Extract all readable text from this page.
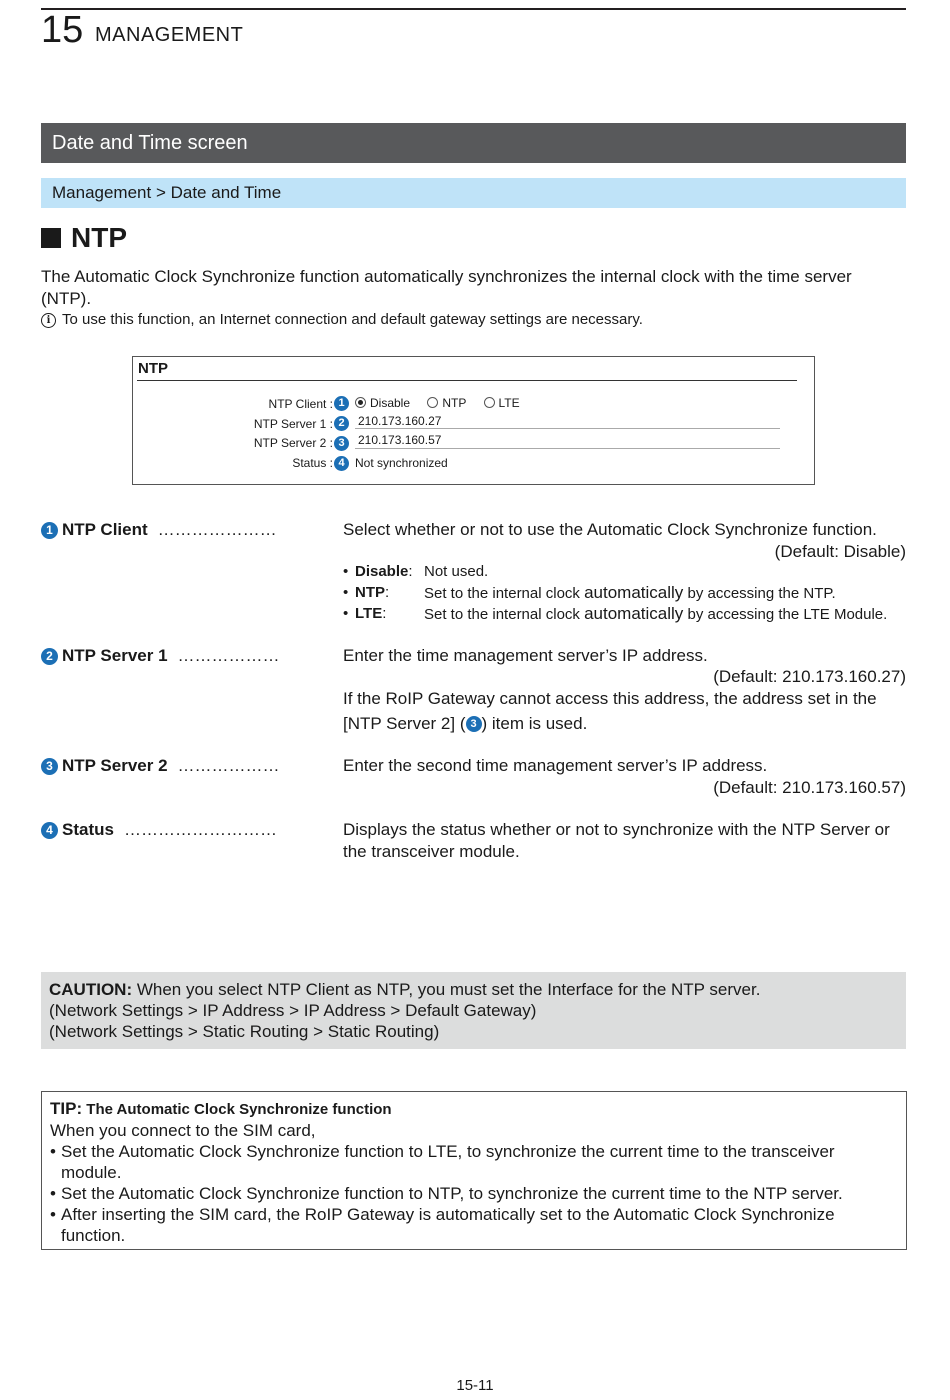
15 MANAGEMENT
Date and Time screen
Management > Date and Time
NTP
The Automatic Clock Synchronize function automatically synchronizes the internal clock with the time server (NTP).
i To use this function, an Internet connection and default gateway settings are necessary.
NTP
NTP Client : 1	Disable	NTP	LTE
NTP Server 1 : 2	210.173.160.27
NTP Server 2 : 3	210.173.160.57
Status : 4 Not synchronized
1 NTP Client …………………	Select whether or not to use the Automatic Clock Synchronize function.
(Default: Disable)
• Disable: Not used.
• NTP: Set to the internal clock automatically by accessing the NTP.
• LTE:	Set to the internal clock automatically by accessing the LTE Module.
2 NTP Server 1 ………………	Enter the time management server’s IP address.
(Default: 210.173.160.27)
If the RoIP Gateway cannot access this address, the address set in the
[NTP Server 2] ( 3 ) item is used.
3 NTP Server 2 ………………	Enter the second time management server’s IP address.
(Default: 210.173.160.57)
4 Status ………………………	Displays the status whether or not to synchronize with the NTP Server or the transceiver module.
CAUTION: When you select NTP Client as NTP, you must set the Interface for the NTP server.
(Network Settings > IP Address > IP Address > Default Gateway)
(Network Settings > Static Routing > Static Routing)
TIP: The Automatic Clock Synchronize function
When you connect to the SIM card,
• Set the Automatic Clock Synchronize function to LTE, to synchronize the current time to the transceiver module.
• Set the Automatic Clock Synchronize function to NTP, to synchronize the current time to the NTP server.
• After inserting the SIM card, the RoIP Gateway is automatically set to the Automatic Clock Synchronize function.
15-11
